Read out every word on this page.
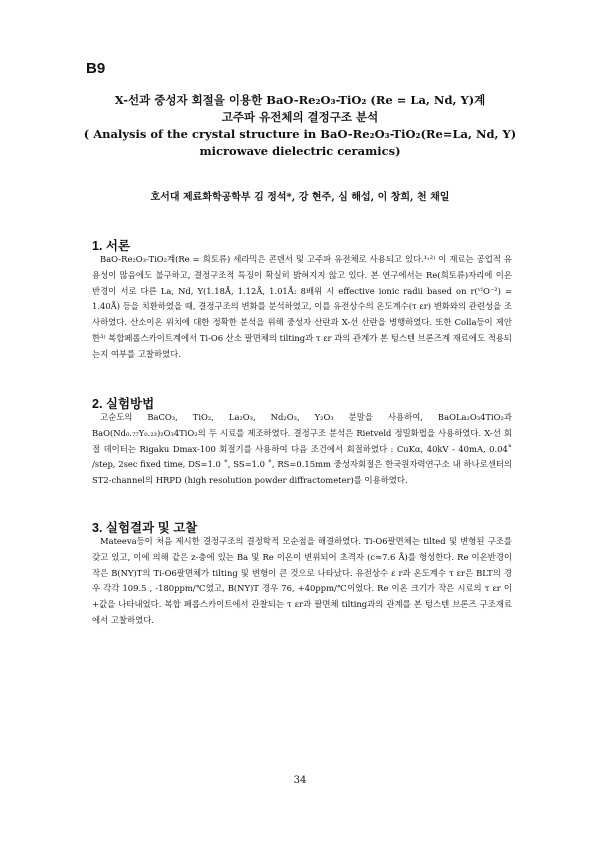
B9
X-선과 중성자 회절을 이용한 BaO-Re₂O₃-TiO₂ (Re = La, Nd, Y)계
고주파 유전체의 결정구조 분석
( Analysis of the crystal structure in BaO-Re₂O₃-TiO₂(Re=La, Nd, Y)
microwave dielectric ceramics)
호서대 제료화학공학부 김 정석*, 강 현주, 심 해섭, 이 창희, 천 채일
1. 서론

BaO-Re₂O₃-TiO₂계(Re = 희토류) 세라믹은 콘덴서 및 고주파 유전체로 사용되고 있다.¹˒²⁾ 이 재료는 공업적 유용성이 많음에도 불구하고, 결정구조적 특징이 확실히 밝혀지지 않고 있다. 본 연구에서는 Re(희토류)자리에 이온 반경이 서로 다른 La, Nd, Y(1.18Å, 1.12Å, 1.01Å: 8배위 시 effective ionic radii based on r(ᵛᴵO⁻²) = 1.40Å) 등을 치환하였을 때, 결정구조의 변화를 분석하였고, 이를 유전상수의 온도계수(τ εr) 변화와의 관련성을 조사하였다. 산소이온 위치에 대한 정확한 분석을 위해 중성자 산란과 X-선 산란을 병행하였다. 또한 Colla등이 제안한³⁾ 복합페롭스카이트계에서 Ti-O6 산소 팔면체의 tilting과 τ εr 과의 관계가 본 텅스텐 브론즈계 재료에도 적용되는지 여부를 고찰하였다.

2. 실험방법

고순도의 BaCO₃, TiO₂, La₂O₃, Nd₂O₃, Y₂O₃ 분말을 사용하여, BaOLa₂O₃4TiO₂과 BaO(Nd₀.₇₇Y₀.₂₃)₂O₃4TiO₂의 두 시료를 제조하였다. 결정구조 분석은 Rietveld 정밀화법을 사용하였다. X-선 회절 데이터는 Rigaku Dmax-100 회절기를 사용하여 다음 조건에서 회절하였다 : CuKα, 40kV - 40mA, 0.04˚ /step, 2sec fixed time, DS=1.0 ˚, SS=1.0 ˚, RS=0.15mm 중성자회절은 한국원자력연구소 내 하나로센터의 ST2-channel의 HRPD (high resolution powder diffractometer)를 이용하였다.

3. 실험결과 및 고찰

Mateeva등이 처음 제시한 결정구조의 결정학적 모순점을 해결하였다. Ti-O6팔면체는 tilted 및 변형된 구조를 갖고 있고, 이에 의해 같은 z-층에 있는 Ba 및 Re 이온이 변위되어 초격자 (c≈7.6 Å)를 형성한다. Re 이온반경이 작은 B(NY)T의 Ti-O6팔면체가 tilting 및 변형이 큰 것으로 나타났다. 유전상수 ε r과 온도계수 τ εr은 BLT의 경우 각각 109.5 , -180ppm/℃였고, B(NY)T 경우 76, +40ppm/℃이었다. Re 이온 크기가 작은 시료의 τ εr 이 +값을 나타내었다. 복합 페롭스카이트에서 관찰되는 τ εr과 팔면체 tilting과의 관계를 본 텅스텐 브론즈 구조재료에서 고찰하였다.

34
